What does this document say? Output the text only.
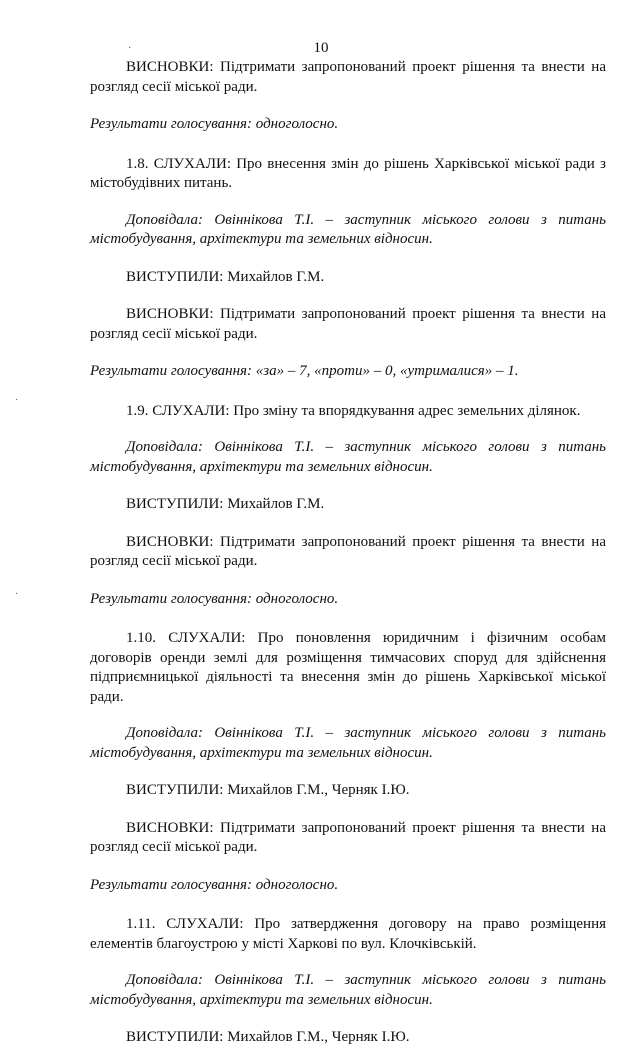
10
·
·
·

ВИСНОВКИ: Підтримати запропонований проект рішення та внести на розгляд сесії міської ради.

Результати голосування: одноголосно.

1.8. СЛУХАЛИ: Про внесення змін до рішень Харківської міської ради з містобудівних питань.

Доповідала: Овіннікова Т.І. – заступник міського голови з питань містобудування, архітектури та земельних відносин.

ВИСТУПИЛИ: Михайлов Г.М.

ВИСНОВКИ: Підтримати запропонований проект рішення та внести на розгляд сесії міської ради.

Результати голосування: «за» – 7, «проти» – 0, «утрималися» – 1.

1.9. СЛУХАЛИ: Про зміну та впорядкування адрес земельних ділянок.

Доповідала: Овіннікова Т.І. – заступник міського голови з питань містобудування, архітектури та земельних відносин.

ВИСТУПИЛИ: Михайлов Г.М.

ВИСНОВКИ: Підтримати запропонований проект рішення та внести на розгляд сесії міської ради.

Результати голосування: одноголосно.

1.10. СЛУХАЛИ: Про поновлення юридичним і фізичним особам договорів оренди землі для розміщення тимчасових споруд для здійснення підприємницької діяльності та внесення змін до рішень Харківської міської ради.

Доповідала: Овіннікова Т.І. – заступник міського голови з питань містобудування, архітектури та земельних відносин.

ВИСТУПИЛИ: Михайлов Г.М., Черняк І.Ю.

ВИСНОВКИ: Підтримати запропонований проект рішення та внести на розгляд сесії міської ради.

Результати голосування: одноголосно.

1.11. СЛУХАЛИ: Про затвердження договору на право розміщення елементів благоустрою у місті Харкові по вул. Клочківській.

Доповідала: Овіннікова Т.І. – заступник міського голови з питань містобудування, архітектури та земельних відносин.

ВИСТУПИЛИ: Михайлов Г.М., Черняк І.Ю.
